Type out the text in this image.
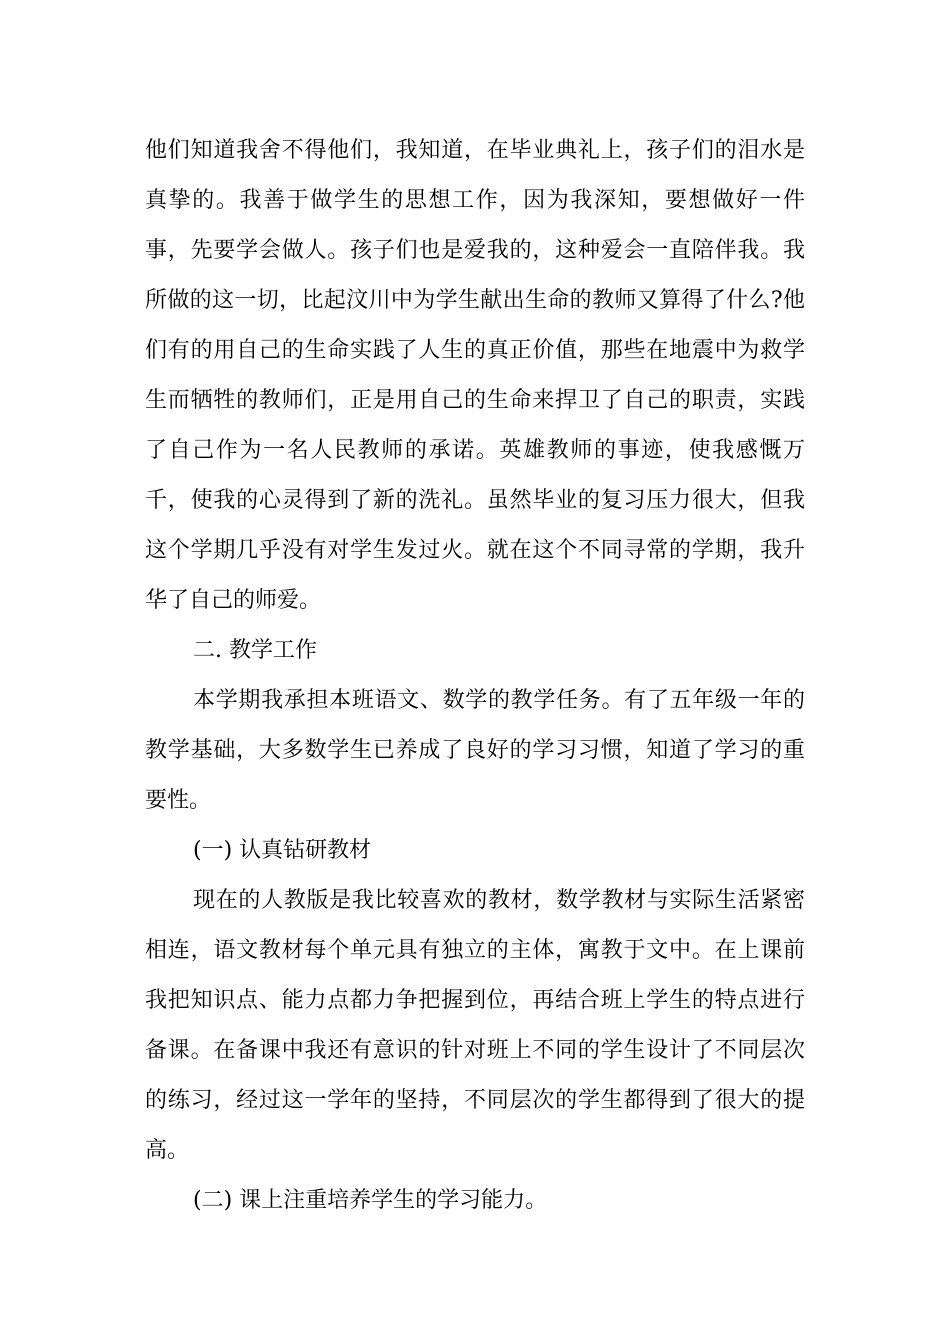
他们知道我舍不得他们，我知道，在毕业典礼上，孩子们的泪水是
真挚的。我善于做学生的思想工作，因为我深知，要想做好一件
事，先要学会做人。孩子们也是爱我的，这种爱会一直陪伴我。我
所做的这一切，比起汶川中为学生献出生命的教师又算得了什么?他
们有的用自己的生命实践了人生的真正价值，那些在地震中为救学
生而牺牲的教师们，正是用自己的生命来捍卫了自己的职责，实践
了自己作为一名人民教师的承诺。英雄教师的事迹，使我感慨万
千，使我的心灵得到了新的洗礼。虽然毕业的复习压力很大，但我
这个学期几乎没有对学生发过火。就在这个不同寻常的学期，我升
华了自己的师爱。
二. 教学工作
本学期我承担本班语文、数学的教学任务。有了五年级一年的
教学基础，大多数学生已养成了良好的学习习惯，知道了学习的重
要性。
(一) 认真钻研教材
现在的人教版是我比较喜欢的教材，数学教材与实际生活紧密
相连，语文教材每个单元具有独立的主体，寓教于文中。在上课前
我把知识点、能力点都力争把握到位，再结合班上学生的特点进行
备课。在备课中我还有意识的针对班上不同的学生设计了不同层次
的练习，经过这一学年的坚持，不同层次的学生都得到了很大的提
高。
(二) 课上注重培养学生的学习能力。
